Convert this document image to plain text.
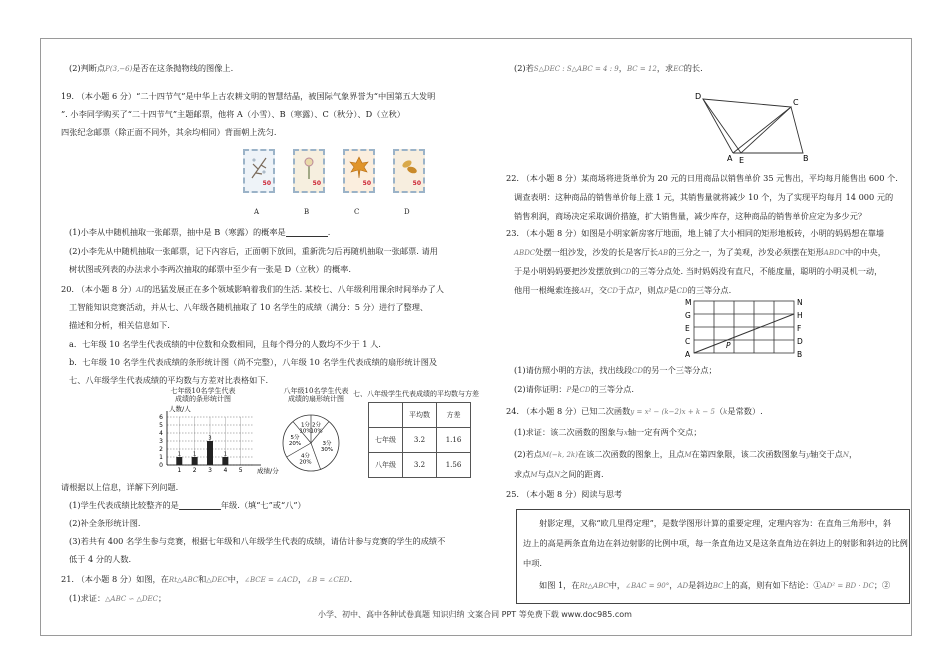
(2)判断点P(3,−6)是否在这条抛物线的图像上.
19. （本小题 6 分）“二十四节气”是中华上古农耕文明的智慧结晶，被国际气象界誉为“中国第五大发明
”. 小李同学购买了“二十四节气”主题邮票，他将 A（小雪）、B（寒露）、C（秋分）、D（立秋）
四张纪念邮票（除正面不同外，其余均相同）背面朝上洗匀.
50	50	50	50
A	B	C	D
(1)小李从中随机抽取一张邮票，抽中是 B（寒露）的概率是	.
(2)小李先从中随机抽取一张邮票，记下内容后，正面朝下放回，重新洗匀后再随机抽取一张邮票. 请用
树状图或列表的办法求小李两次抽取的邮票中至少有一张是 D（立秋）的概率.
20. （本小题 8 分）AI的迅猛发展正在多个领域影响着我们的生活. 某校七、八年级利用课余时间举办了人
工智能知识竞赛活动，并从七、八年级各随机抽取了 10 名学生的成绩（满分：5 分）进行了整理、
描述和分析，相关信息如下.
a．七年级 10 名学生代表成绩的中位数和众数相同，且每个得分的人数均不少于 1 人.
b．七年级 10 名学生代表成绩的条形统计图（尚不完整），八年级 10 名学生代表成绩的扇形统计图及
七、八年级学生代表成绩的平均数与方差对比表格如下.
七年级10名学生代表
成绩的条形统计图
0
1
2
3
4
5
6
1
1
1
2
3
3
1
4 5
人数/人
成绩/分
八年级10名学生代表
成绩的扇形统计图
1分
10%
2分
10%
3分
30%
4分
20%
5分
20%
七、八年级学生代表成绩的平均数与方差
	平均数	方差
七年级	3.2	1.16
八年级	3.2	1.56
请根据以上信息，详解下列问题.
(1)学生代表成绩比较整齐的是	年级.（填“七”或“八”）
(2)补全条形统计图.
(3)若共有 400 名学生参与竞赛，根据七年级和八年级学生代表的成绩，请估计参与竞赛的学生的成绩不
低于 4 分的人数.
21. （本小题 8 分）如图，在Rt△ABC和△DEC中，∠BCE = ∠ACD，∠B = ∠CED.
(1)求证：△ABC ∽ △DEC；
(2)若S△DEC : S△ABC = 4 : 9，BC = 12，求EC的长.
D
C
A E	B
22. （本小题 8 分）某商场将进货单价为 20 元的日用商品以销售单价 35 元售出，平均每月能售出 600 个.
调查表明：这种商品的销售单价每上涨 1 元，其销售量就将减少 10 个，为了实现平均每月 14 000 元的
销售利润，商场决定采取调价措施，扩大销售量，减少库存，这种商品的销售单价应定为多少元？
23. （本小题 8 分）如图是小明家新房客厅地面，地上铺了大小相同的矩形地板砖，小明的妈妈想在靠墙
ABDC处摆一组沙发，沙发的长是客厅长AB的三分之一，为了美观，沙发必须摆在矩形ABDC中的中央，
于是小明妈妈要把沙发摆放到CD的三等分点处. 当时妈妈没有直尺，不能度量，聪明的小明灵机一动，
他用一根绳索连接AH，交CD于点P，则点P是CD的三等分点.
M
G
E
C
A
N
H
F
D
B
P
(1)请仿照小明的方法，找出线段CD的另一个三等分点；
(2)请你证明：P是CD的三等分点.
24. （本小题 8 分）已知二次函数y = x² − (k−2)x + k − 5（k是常数）.
(1)求证：该二次函数的图象与x轴一定有两个交点；
(2)若点M(−k, 2k)在该二次函数的图象上，且点M在第四象限，该二次函数图象与y轴交于点N，
求点M与点N之间的距离.
25. （本小题 8 分）阅读与思考
射影定理，又称“欧几里得定理”，是数学图形计算的重要定理，定理内容为：在直角三角形中，斜
边上的高是两条直角边在斜边射影的比例中项，每一条直角边又是这条直角边在斜边上的射影和斜边的比例
中项.
如图 1，在Rt△ABC中，∠BAC = 90°，AD是斜边BC上的高，则有如下结论：①AD² = BD · DC；②
小学、初中、高中各种试卷真题 知识归纳 文案合同 PPT 等免费下载 www.doc985.com
